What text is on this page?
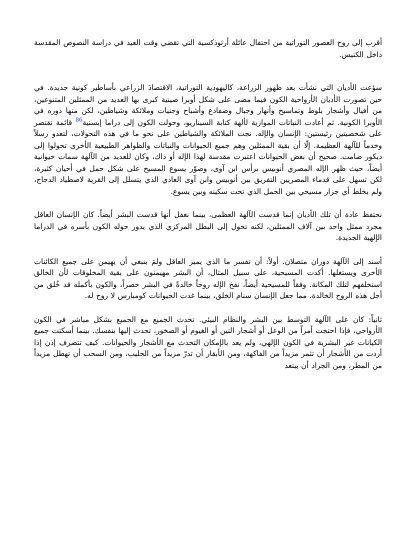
أقرب إلى روح العصور التوراتية من احتفال عائلة أرثوذكسية التي تقضي وقت العيد في دراسة النصوص المقدسة داخل الكنيس.

سؤعت الأديان التي نشأت بعد ظهور الزراعة، كاليهودية التوراتية، الاقتصادَ الزراعي بأساطير كونية جديدة. في حين تصورت الأديان الأرواحية الكون فيما مضى على شكل أوبرا صينية كبرى بها العديد من الممثلين المتنوعين، من أفيال وأشجار بلوط وتماسيح وأنهار وجبال وضفادع وأشباح وجنيات وملائكة وشياطين، لكن منها دوره في الأوبرا الكونية. ثم أعادت النباتات الموازية لألهة كتابة السيناريو، وحولت الكون إلى دراما إبسنية$^{86}$ قائمة تقتصر على شخصيتين رئيستين: الإنسان والإله. نجت الملائكة والشياطين على نحو ما في هذه التحولات، لتعدو رسلاً وخدماً للآلهة العظيمة. إلّا أن بقية الممثلين وهم جميع الحيوانات والنباتات والظواهر الطبيعية الأخرى تحولوا إلى ديكور صامت. صحيح أن بعض الحيوانات اعتبرت مقدسة لهذا الإله أو ذاك، وكان للعديد من الآلهة سمات حيوانية أيضاً، حيث ظهر الإله المصري أنوبيس برأس ابن آوى، وصوّر يسوع المسيح على شكل حمل في أحيان كثيرة، لكن تسهل على قدماء المصريين التفريق بين أنوبيس وابن آوى العادي الذي يتسلل إلى القرية لاصطياد الدجاج، ولم يخلط أي جزار مسيحي بين الحمل الذي تحت سكينه وبين يسوع.

نحتفظ عادة أن تلك الأديان إنما قدست الآلهة العظمى، بينما نغفل أنها قدست البشر أيضاً. كان الإنسان العاقل مجرد ممثل واحد بين آلاف الممثلين، لكنه تحول إلى البطل المركزي الذي يدور حوله الكون بأسره في الدراما الإلهية الجديدة.

أسند إلى الآلهة دوران متصلان. أولاً: أن تفسر ما الذي يميز العاقل ولمَ ينبغي أن يهيمن على جميع الكائنات الأخرى ويستغلها. أكدت المسيحية، على سبيل المثال، أن البشر مهيمنون على بقية المخلوقات لأن الخالق استخلفهم لتلك المكانة. وفقاً للمسيحية أيضاً، نفخ الإله روحاً خالدةً في البشر حصراً، والكون بأكمله قد خُلق من أجل هذه الروح الخالدة، مما جعل الإنسان سنام الخلق، بينما غدت الحيوانات كومبارس لا روح له.

ثانياً: كان على الآلهة التوسط بين البشر والنظام البيئي. تحدث الجميع مع الجميع بشكل مباشر في الكون الأرواحي، فإذا احتجت أمراً من الوعل أو أشجار التين أو الغيوم أو الصخور، تحدث إليها بنفسك. بينما أسكتت جميع الكيانات غير البشرية في الكون الإلهي، ولم يعد بالإمكان التحدث مع الأشجار والحيوانات. كيف تتصرف إذن إذا أردت من الأشجار أن تثمر مزيداً من الفاكهة، ومن الأبقار أن تدرّ مزيداً من الحليب، ومن السحب أن تهطل مزيداً من المطر، ومن الجراد أن يبتعد
